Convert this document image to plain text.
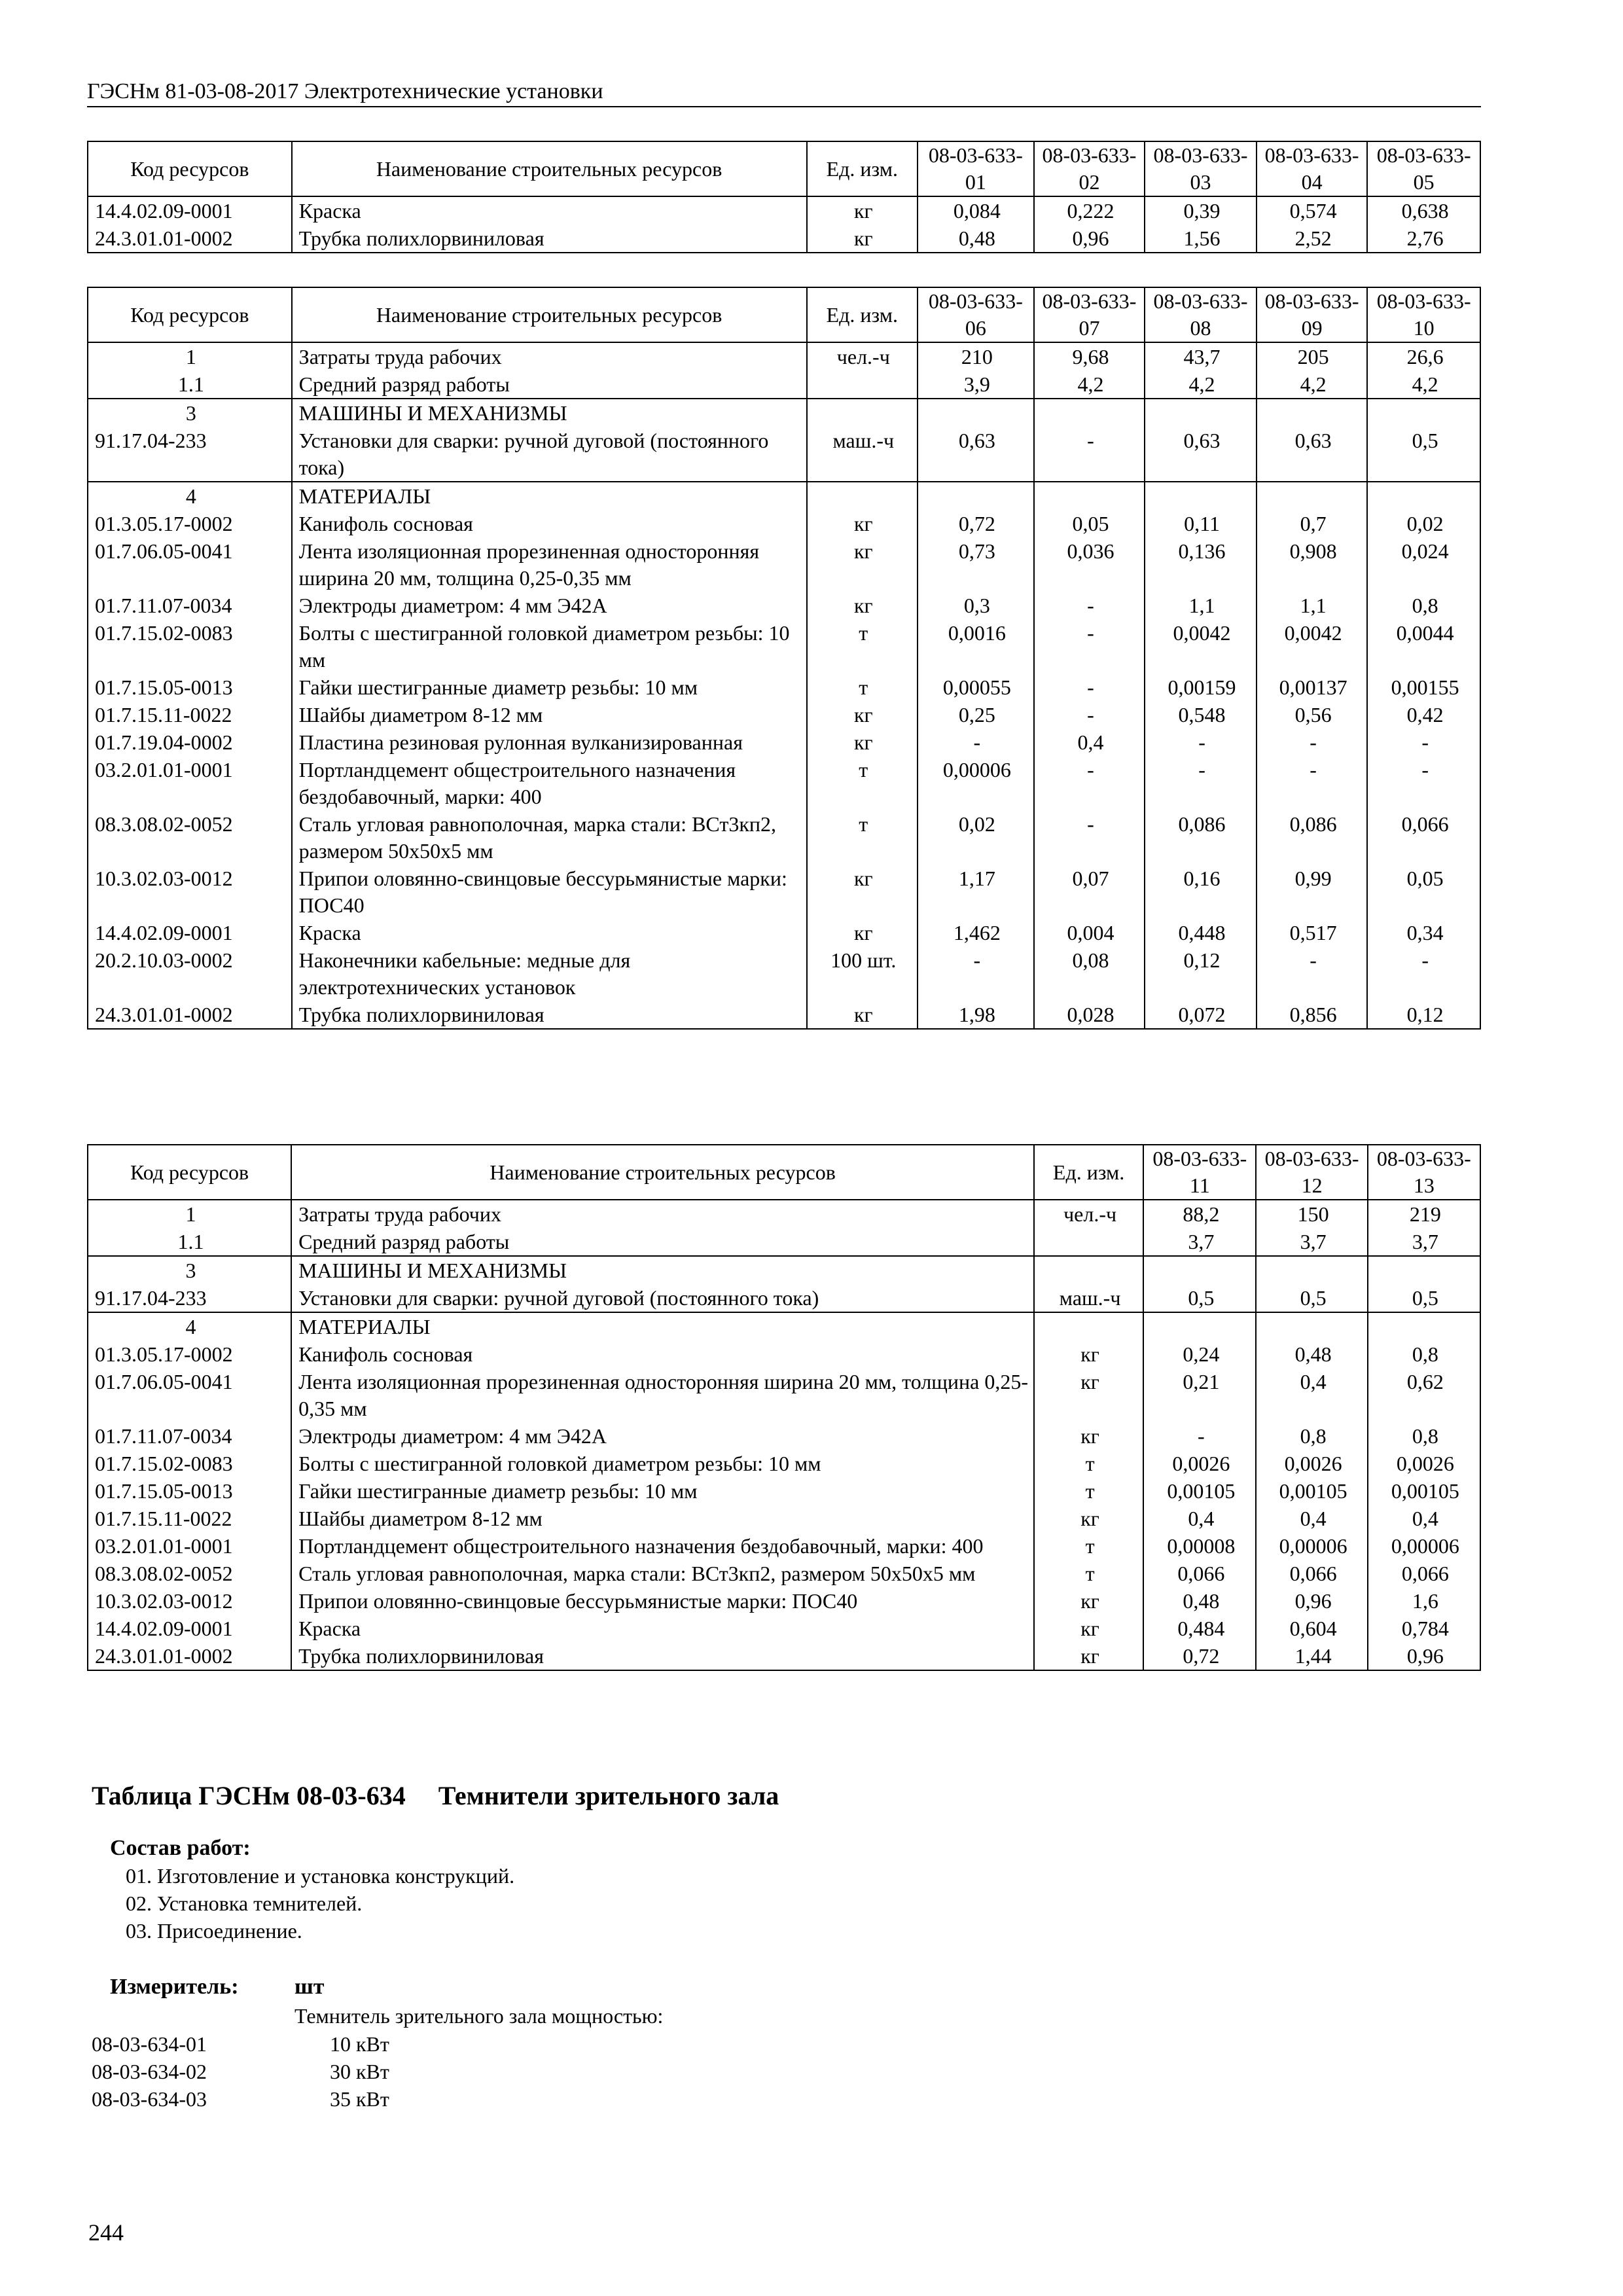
ГЭСНм 81-03-08-2017 Электротехнические установки
Код ресурсов	Наименование строительных ресурсов	Ед. изм.	08-03-633-01	08-03-633-02	08-03-633-03	08-03-633-04	08-03-633-05
14.4.02.09-0001	Краска	кг	0,084	0,222	0,39	0,574	0,638
24.3.01.01-0002	Трубка полихлорвиниловая	кг	0,48	0,96	1,56	2,52	2,76
Код ресурсов	Наименование строительных ресурсов	Ед. изм.	08-03-633-06	08-03-633-07	08-03-633-08	08-03-633-09	08-03-633-10
1	Затраты труда рабочих	чел.-ч	210	9,68	43,7	205	26,6
1.1	Средний разряд работы		3,9	4,2	4,2	4,2	4,2
3	МАШИНЫ И МЕХАНИЗМЫ						
91.17.04-233	Установки для сварки: ручной дуговой (постоянного тока)	маш.-ч	0,63	-	0,63	0,63	0,5
4	МАТЕРИАЛЫ						
01.3.05.17-0002	Канифоль сосновая	кг	0,72	0,05	0,11	0,7	0,02
01.7.06.05-0041	Лента изоляционная прорезиненная односторонняя ширина 20 мм, толщина 0,25-0,35 мм	кг	0,73	0,036	0,136	0,908	0,024
01.7.11.07-0034	Электроды диаметром: 4 мм Э42А	кг	0,3	-	1,1	1,1	0,8
01.7.15.02-0083	Болты с шестигранной головкой диаметром резьбы: 10 мм	т	0,0016	-	0,0042	0,0042	0,0044
01.7.15.05-0013	Гайки шестигранные диаметр резьбы: 10 мм	т	0,00055	-	0,00159	0,00137	0,00155
01.7.15.11-0022	Шайбы диаметром 8-12 мм	кг	0,25	-	0,548	0,56	0,42
01.7.19.04-0002	Пластина резиновая рулонная вулканизированная	кг	-	0,4	-	-	-
03.2.01.01-0001	Портландцемент общестроительного назначения бездобавочный, марки: 400	т	0,00006	-	-	-	-
08.3.08.02-0052	Сталь угловая равнополочная, марка стали: ВСт3кп2, размером 50х50х5 мм	т	0,02	-	0,086	0,086	0,066
10.3.02.03-0012	Припои оловянно-свинцовые бессурьмянистые марки: ПОС40	кг	1,17	0,07	0,16	0,99	0,05
14.4.02.09-0001	Краска	кг	1,462	0,004	0,448	0,517	0,34
20.2.10.03-0002	Наконечники кабельные: медные для электротехнических установок	100 шт.	-	0,08	0,12	-	-
24.3.01.01-0002	Трубка полихлорвиниловая	кг	1,98	0,028	0,072	0,856	0,12
Код ресурсов	Наименование строительных ресурсов	Ед. изм.	08-03-633-11	08-03-633-12	08-03-633-13
1	Затраты труда рабочих	чел.-ч	88,2	150	219
1.1	Средний разряд работы		3,7	3,7	3,7
3	МАШИНЫ И МЕХАНИЗМЫ				
91.17.04-233	Установки для сварки: ручной дуговой (постоянного тока)	маш.-ч	0,5	0,5	0,5
4	МАТЕРИАЛЫ				
01.3.05.17-0002	Канифоль сосновая	кг	0,24	0,48	0,8
01.7.06.05-0041	Лента изоляционная прорезиненная односторонняя ширина 20 мм, толщина 0,25-0,35 мм	кг	0,21	0,4	0,62
01.7.11.07-0034	Электроды диаметром: 4 мм Э42А	кг	-	0,8	0,8
01.7.15.02-0083	Болты с шестигранной головкой диаметром резьбы: 10 мм	т	0,0026	0,0026	0,0026
01.7.15.05-0013	Гайки шестигранные диаметр резьбы: 10 мм	т	0,00105	0,00105	0,00105
01.7.15.11-0022	Шайбы диаметром 8-12 мм	кг	0,4	0,4	0,4
03.2.01.01-0001	Портландцемент общестроительного назначения бездобавочный, марки: 400	т	0,00008	0,00006	0,00006
08.3.08.02-0052	Сталь угловая равнополочная, марка стали: ВСт3кп2, размером 50х50х5 мм	т	0,066	0,066	0,066
10.3.02.03-0012	Припои оловянно-свинцовые бессурьмянистые марки: ПОС40	кг	0,48	0,96	1,6
14.4.02.09-0001	Краска	кг	0,484	0,604	0,784
24.3.01.01-0002	Трубка полихлорвиниловая	кг	0,72	1,44	0,96
Таблица ГЭСНм 08-03-634 Темнители зрительного зала
Состав работ:
01. Изготовление и установка конструкций.
02. Установка темнителей.
03. Присоединение.
Измеритель:	шт
Темнитель зрительного зала мощностью:
08-03-634-01	10 кВт
08-03-634-02	30 кВт
08-03-634-03	35 кВт
244
